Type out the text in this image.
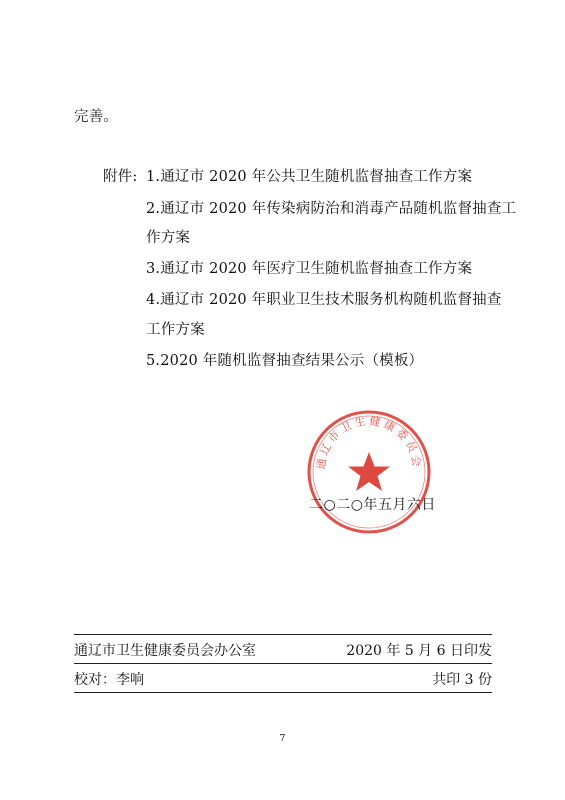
完善。
附件: 1.通辽市 2020 年公共卫生随机监督抽查工作方案
2.通辽市 2020 年传染病防治和消毒产品随机监督抽查工
作方案
3.通辽市 2020 年医疗卫生随机监督抽查工作方案
4.通辽市 2020 年职业卫生技术服务机构随机监督抽查
工作方案
5.2020 年随机监督抽查结果公示（模板）
通辽市卫生健康委员会
二○二○年五月六日
通辽市卫生健康委员会办公室	2020 年 5 月 6 日印发
校对：李响	共印 3 份
7
